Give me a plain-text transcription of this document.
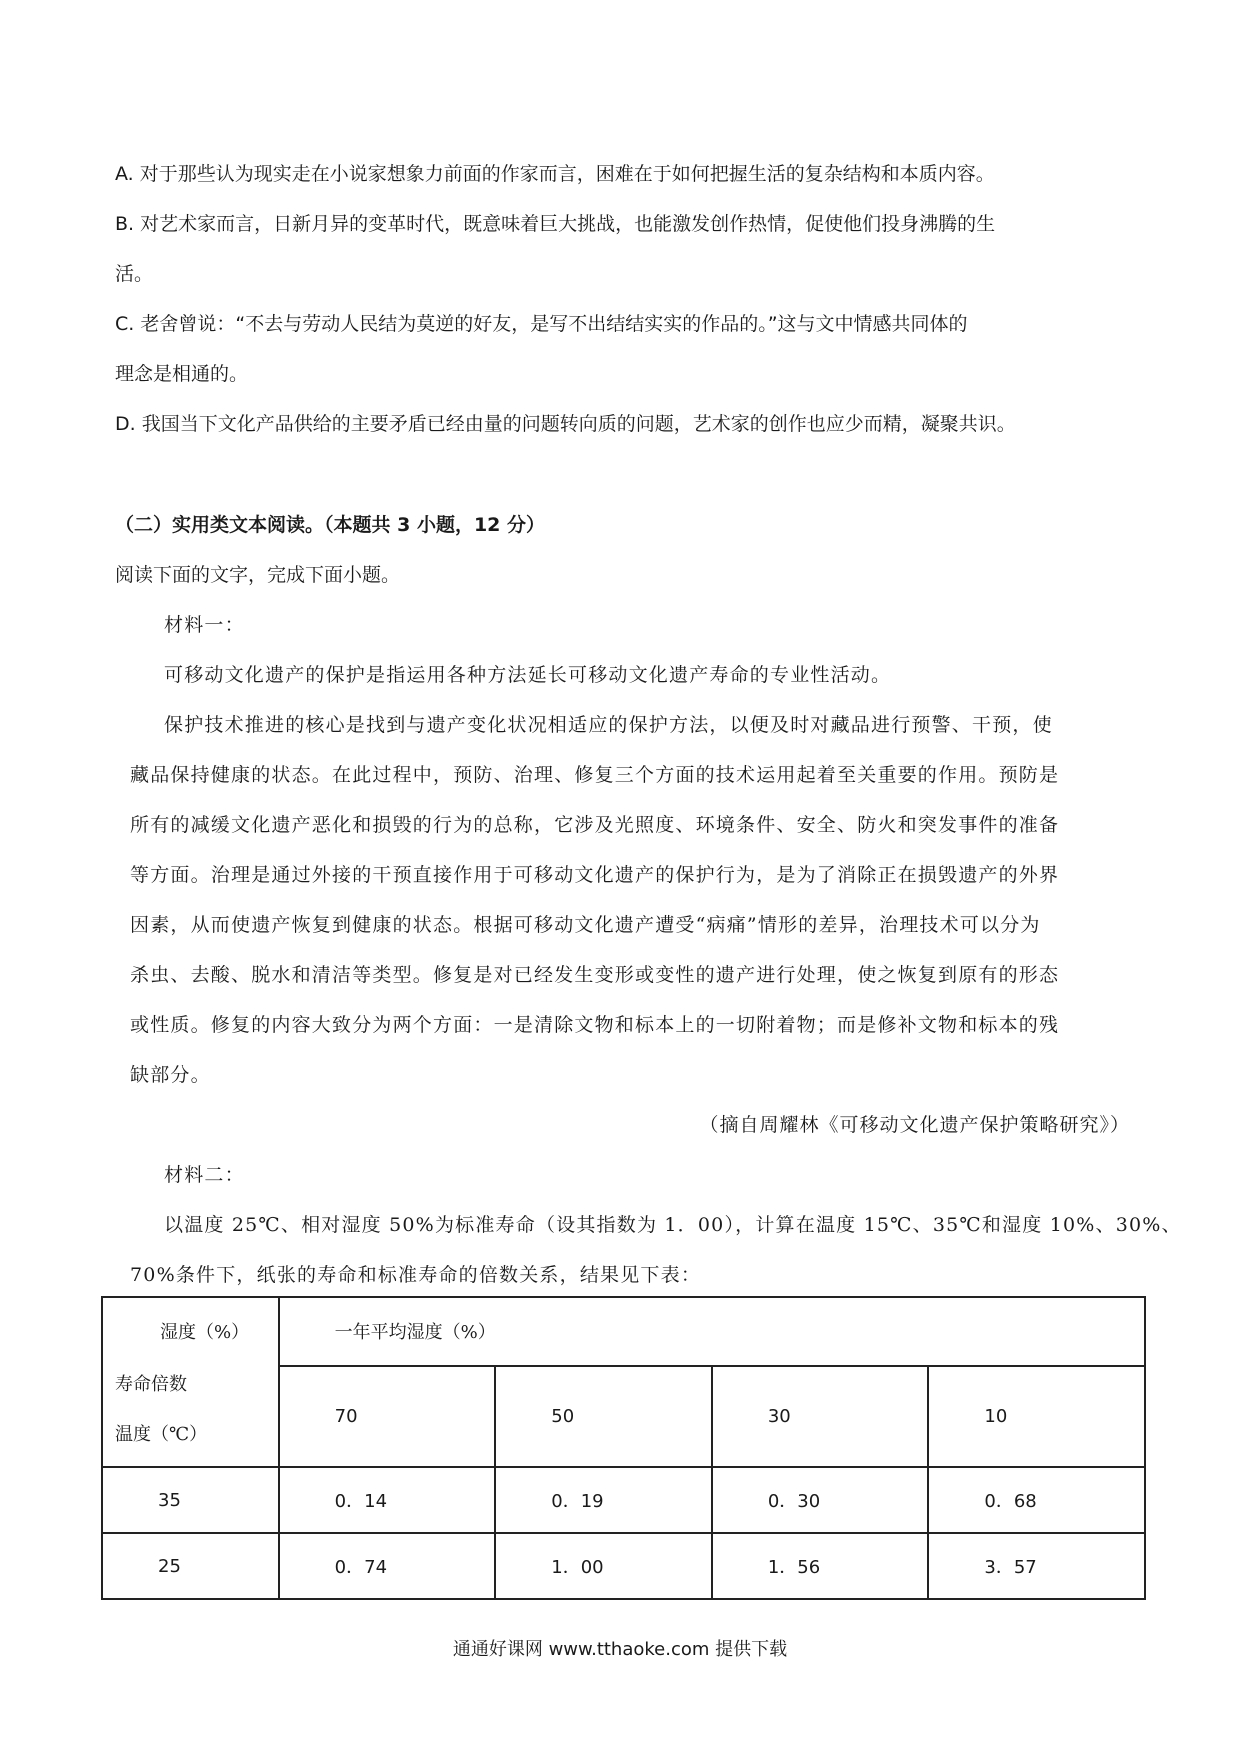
A. 对于那些认为现实走在小说家想象力前面的作家而言，困难在于如何把握生活的复杂结构和本质内容。
B. 对艺术家而言，日新月异的变革时代，既意味着巨大挑战，也能激发创作热情，促使他们投身沸腾的生
活。
C. 老舍曾说：“不去与劳动人民结为莫逆的好友，是写不出结结实实的作品的。”这与文中情感共同体的
理念是相通的。
D. 我国当下文化产品供给的主要矛盾已经由量的问题转向质的问题，艺术家的创作也应少而精，凝聚共识。
（二）实用类文本阅读。（本题共 3 小题，12 分）
阅读下面的文字，完成下面小题。
材料一：
可移动文化遗产的保护是指运用各种方法延长可移动文化遗产寿命的专业性活动。
保护技术推进的核心是找到与遗产变化状况相适应的保护方法，以便及时对藏品进行预警、干预，使
藏品保持健康的状态。在此过程中，预防、治理、修复三个方面的技术运用起着至关重要的作用。预防是
所有的减缓文化遗产恶化和损毁的行为的总称，它涉及光照度、环境条件、安全、防火和突发事件的准备
等方面。治理是通过外接的干预直接作用于可移动文化遗产的保护行为，是为了消除正在损毁遗产的外界
因素，从而使遗产恢复到健康的状态。根据可移动文化遗产遭受“病痛”情形的差异，治理技术可以分为
杀虫、去酸、脱水和清洁等类型。修复是对已经发生变形或变性的遗产进行处理，使之恢复到原有的形态
或性质。修复的内容大致分为两个方面：一是清除文物和标本上的一切附着物；而是修补文物和标本的残
缺部分。
（摘自周耀林《可移动文化遗产保护策略研究》）
材料二：
以温度 25℃、相对湿度 50%为标准寿命（设其指数为 1．00），计算在温度 15℃、35℃和湿度 10%、30%、
70%条件下，纸张的寿命和标准寿命的倍数关系，结果见下表：
湿度（%）
寿命倍数
温度（℃）	一年平均湿度（%）			
	70	50	30	10
35	0．14	0．19	0．30	0．68
25	0．74	1．00	1．56	3．57
通通好课网 www.tthaoke.com 提供下载
